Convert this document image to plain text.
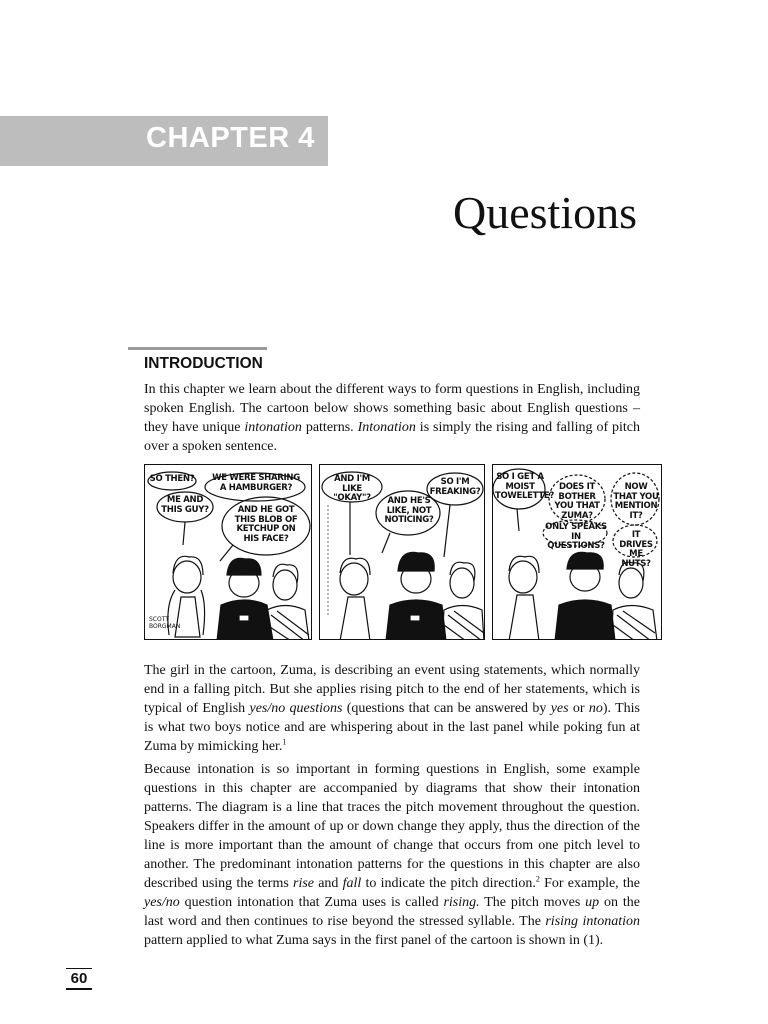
CHAPTER 4
Questions
INTRODUCTION

In this chapter we learn about the different ways to form questions in English, including spoken English. The cartoon below shows something basic about English questions – they have unique intonation patterns. Intonation is simply the rising and falling of pitch over a spoken sentence.

SO THEN?	WE WERE SHARING A HAMBURGER?
ME AND THIS GUY?	AND HE GOT THIS BLOB OF KETCHUP ON HIS FACE?
SCOTT BORGMAN
AND I'M LIKE "OKAY"?
SO I'M FREAKING?
AND HE'S LIKE, NOT NOTICING?
SO I GET A MOIST TOWELETTE?
DOES IT BOTHER YOU THAT ZUMA?
NOW THAT YOU MENTION IT?
ONLY SPEAKS IN QUESTIONS?
IT DRIVES ME NUTS?

The girl in the cartoon, Zuma, is describing an event using statements, which normally end in a falling pitch. But she applies rising pitch to the end of her statements, which is typical of English yes/no questions (questions that can be answered by yes or no). This is what two boys notice and are whispering about in the last panel while poking fun at Zuma by mimicking her.$^1$

Because intonation is so important in forming questions in English, some example questions in this chapter are accompanied by diagrams that show their intonation patterns. The diagram is a line that traces the pitch movement throughout the question. Speakers differ in the amount of up or down change they apply, thus the direction of the line is more important than the amount of change that occurs from one pitch level to another. The predominant intonation patterns for the questions in this chapter are also described using the terms rise and fall to indicate the pitch direction.$^2$ For example, the yes/no question intonation that Zuma uses is called rising. The pitch moves up on the last word and then continues to rise beyond the stressed syllable. The rising intonation pattern applied to what Zuma says in the first panel of the cartoon is shown in (1).

60
